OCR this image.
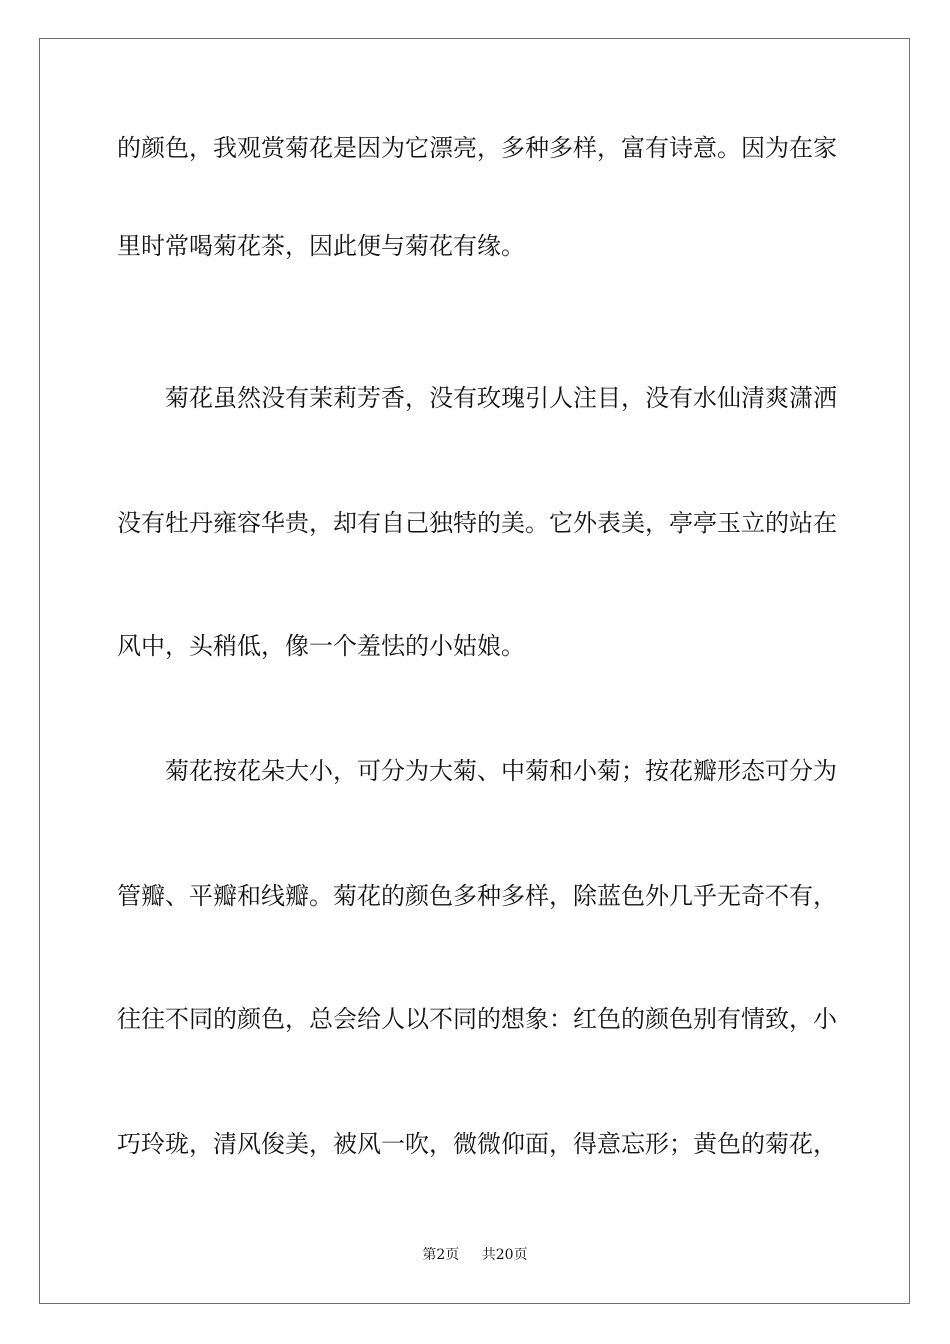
的颜色，我观赏菊花是因为它漂亮，多种多样，富有诗意。因为在家
里时常喝菊花茶，因此便与菊花有缘。
菊花虽然没有茉莉芳香，没有玫瑰引人注目，没有水仙清爽潇洒
没有牡丹雍容华贵，却有自己独特的美。它外表美，亭亭玉立的站在
风中，头稍低，像一个羞怯的小姑娘。
菊花按花朵大小，可分为大菊、中菊和小菊；按花瓣形态可分为
管瓣、平瓣和线瓣。菊花的颜色多种多样，除蓝色外几乎无奇不有，
往往不同的颜色，总会给人以不同的想象：红色的颜色别有情致，小
巧玲珑，清风俊美，被风一吹，微微仰面，得意忘形；黄色的菊花，
第2页 共20页
